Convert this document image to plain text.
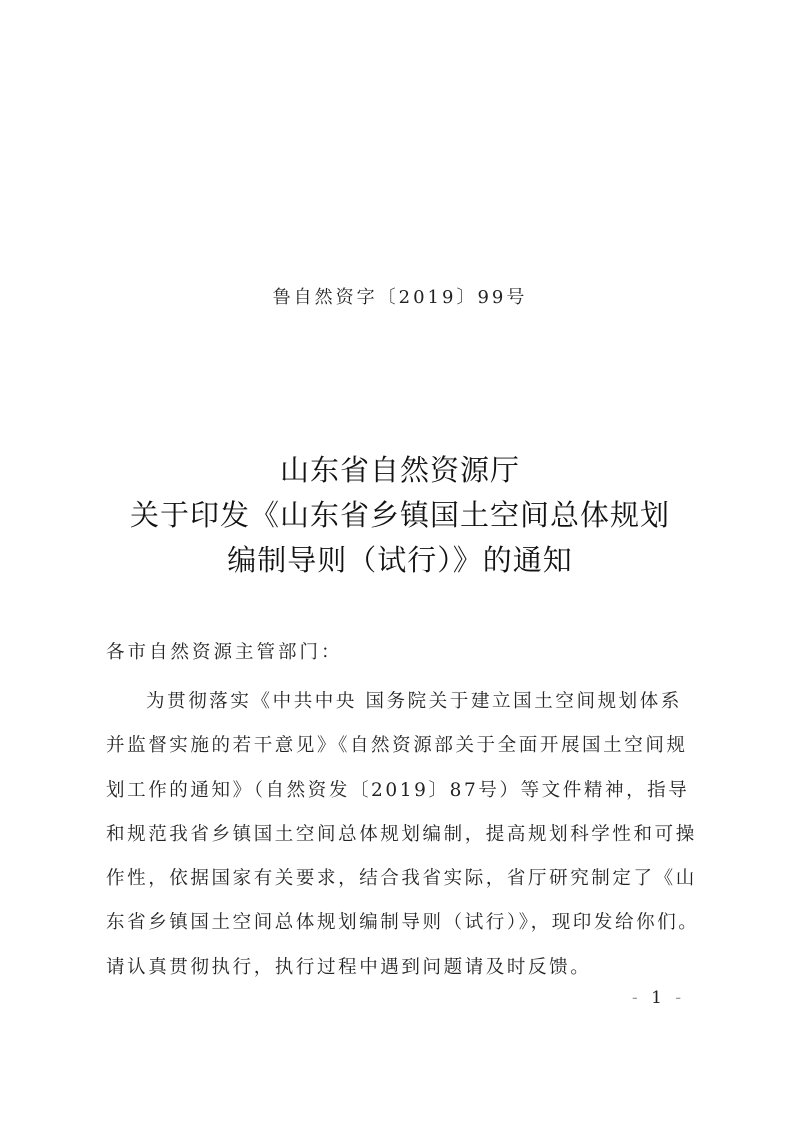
鲁自然资字〔2019〕99号
山东省自然资源厅
关于印发《山东省乡镇国土空间总体规划
编制导则（试行）》的通知
各市自然资源主管部门：
为贯彻落实《中共中央 国务院关于建立国土空间规划体系
并监督实施的若干意见》《自然资源部关于全面开展国土空间规
划工作的通知》（自然资发〔2019〕87号）等文件精神，指导
和规范我省乡镇国土空间总体规划编制，提高规划科学性和可操
作性，依据国家有关要求，结合我省实际，省厅研究制定了《山
东省乡镇国土空间总体规划编制导则（试行）》，现印发给你们。
请认真贯彻执行，执行过程中遇到问题请及时反馈。
- 1 -
